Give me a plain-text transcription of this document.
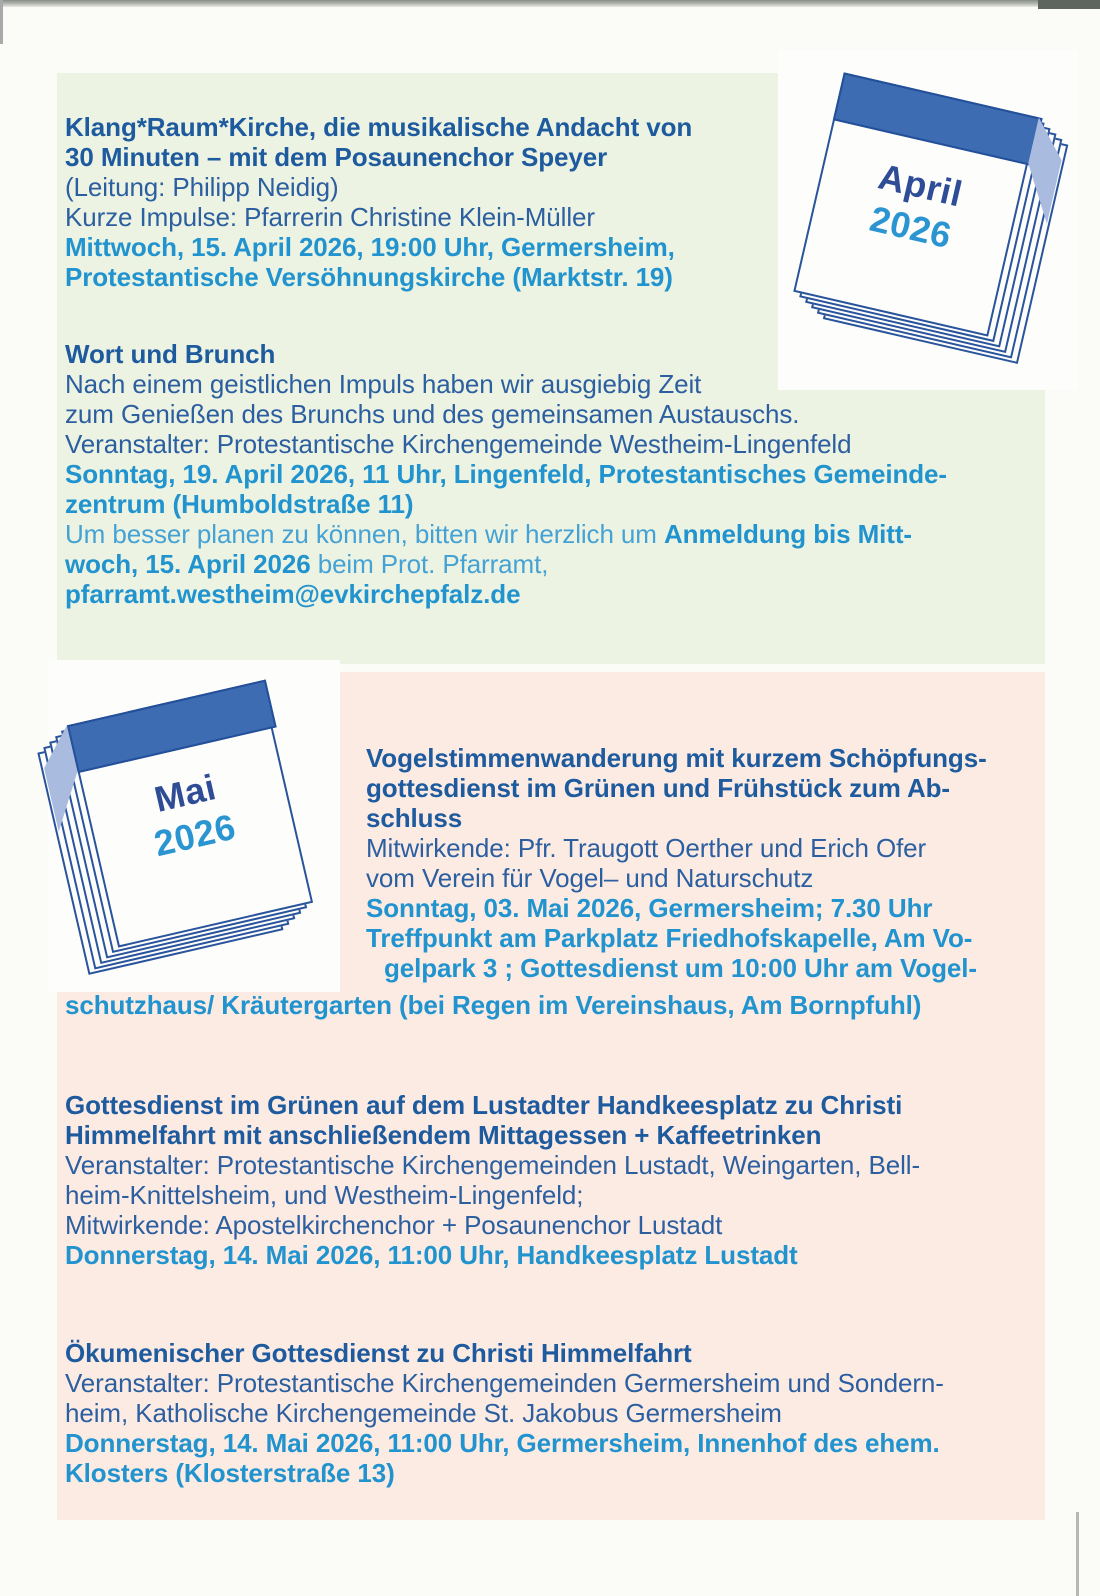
April
2026
Mai
2026
Klang*Raum*Kirche, die musikalische Andacht von
30 Minuten – mit dem Posaunenchor Speyer
(Leitung: Philipp Neidig)
Kurze Impulse: Pfarrerin Christine Klein-Müller
Mittwoch, 15. April 2026, 19:00 Uhr, Germersheim,
Protestantische Versöhnungskirche (Marktstr. 19)
Wort und Brunch
Nach einem geistlichen Impuls haben wir ausgiebig Zeit
zum Genießen des Brunchs und des gemeinsamen Austauschs.
Veranstalter: Protestantische Kirchengemeinde Westheim-Lingenfeld
Sonntag, 19. April 2026, 11 Uhr, Lingenfeld, Protestantisches Gemeinde-
zentrum (Humboldstraße 11)
Um besser planen zu können, bitten wir herzlich um Anmeldung bis Mitt-
woch, 15. April 2026 beim Prot. Pfarramt,
pfarramt.westheim@evkirchepfalz.de
Vogelstimmenwanderung mit kurzem Schöpfungs-
gottesdienst im Grünen und Frühstück zum Ab-
schluss
Mitwirkende: Pfr. Traugott Oerther und Erich Ofer
vom Verein für Vogel– und Naturschutz
Sonntag, 03. Mai 2026, Germersheim; 7.30 Uhr
Treffpunkt am Parkplatz Friedhofskapelle, Am Vo-
gelpark 3 ; Gottesdienst um 10:00 Uhr am Vogel-
schutzhaus/ Kräutergarten (bei Regen im Vereinshaus, Am Bornpfuhl)
Gottesdienst im Grünen auf dem Lustadter Handkeesplatz zu Christi
Himmelfahrt mit anschließendem Mittagessen + Kaffeetrinken
Veranstalter: Protestantische Kirchengemeinden Lustadt, Weingarten, Bell-
heim-Knittelsheim, und Westheim-Lingenfeld;
Mitwirkende: Apostelkirchenchor + Posaunenchor Lustadt
Donnerstag, 14. Mai 2026, 11:00 Uhr, Handkeesplatz Lustadt
Ökumenischer Gottesdienst zu Christi Himmelfahrt
Veranstalter: Protestantische Kirchengemeinden Germersheim und Sondern-
heim, Katholische Kirchengemeinde St. Jakobus Germersheim
Donnerstag, 14. Mai 2026, 11:00 Uhr, Germersheim, Innenhof des ehem.
Klosters (Klosterstraße 13)
